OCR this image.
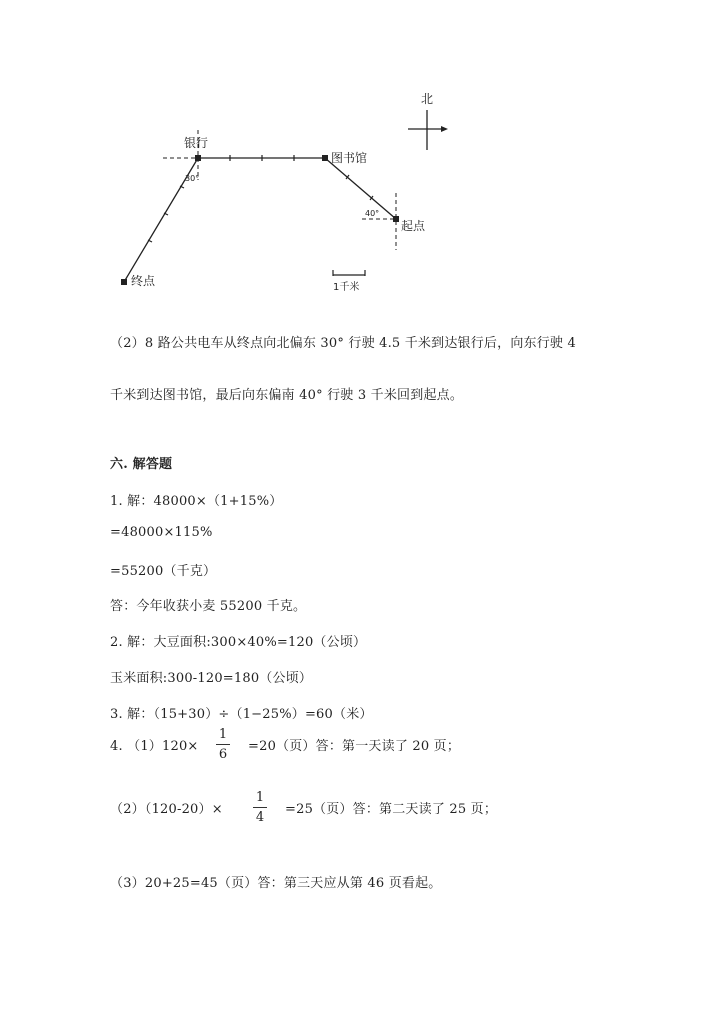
北
银行
图书馆
起点
终点
30°
40°
1千米
（2）8 路公共电车从终点向北偏东 30° 行驶 4.5 千米到达银行后，向东行驶 4
千米到达图书馆，最后向东偏南 40° 行驶 3 千米回到起点。
六. 解答题
1. 解：48000×（1+15%）
=48000×115%
=55200（千克）
答：今年收获小麦 55200 千克。
2. 解：大豆面积:300×40%=120（公顷）
玉米面积:300-120=180（公顷）
3. 解：（15+30）÷（1−25%）=60（米）
4. （1）120×
1
6
=20（页）答：第一天读了 20 页；
（2）（120-20）×
1
4
=25（页）答：第二天读了 25 页；
（3）20+25=45（页）答：第三天应从第 46 页看起。
